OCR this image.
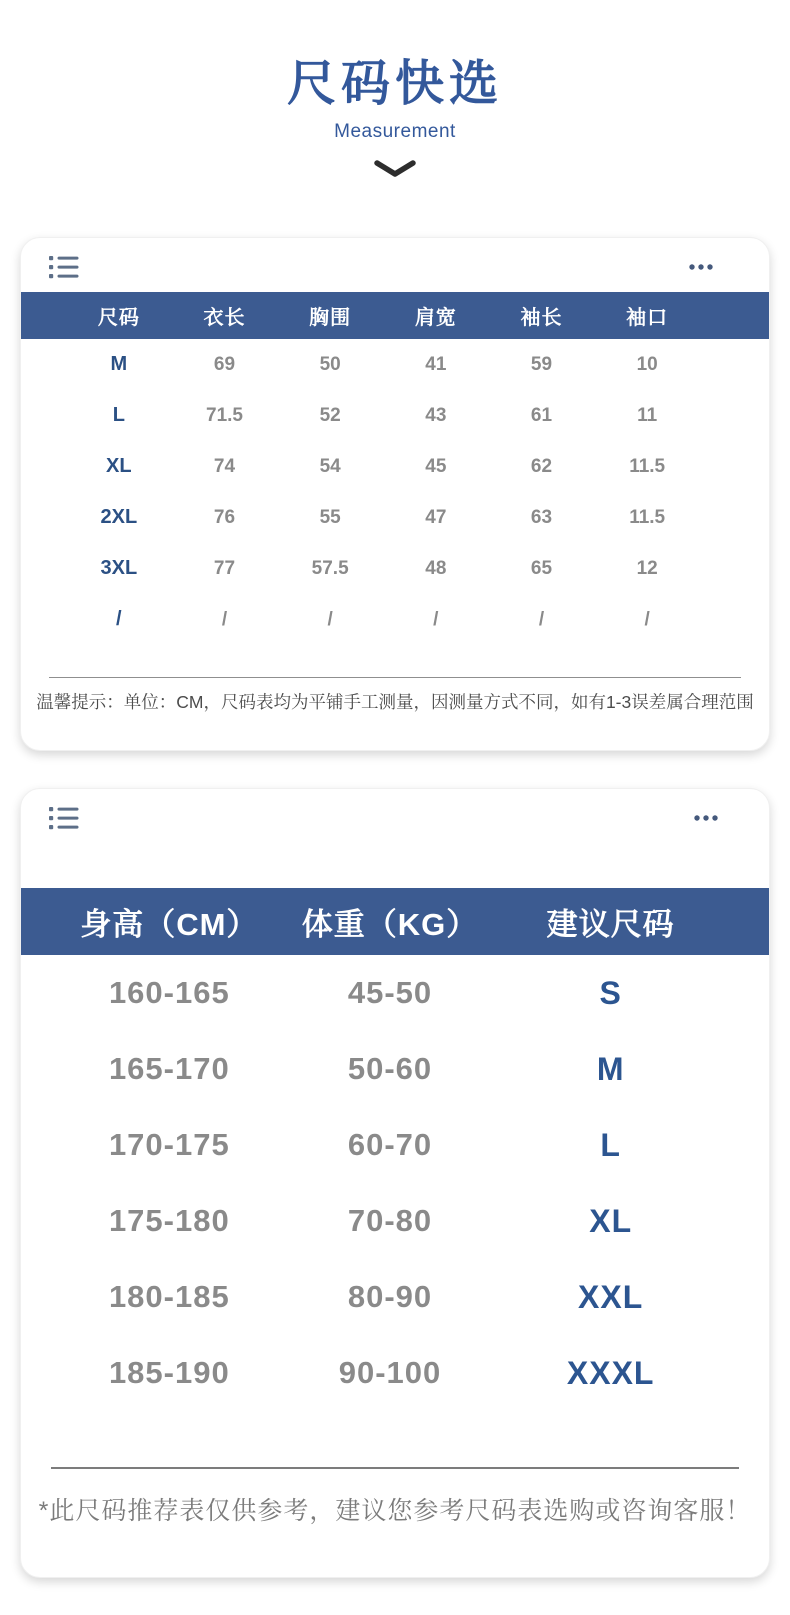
尺码快选
Measurement
尺码	衣长	胸围	肩宽	袖长	袖口
M	69	50	41	59	10
L	71.5	52	43	61	11
XL	74	54	45	62	11.5
2XL	76	55	47	63	11.5
3XL	77	57.5	48	65	12
/	/	/	/	/	/
温馨提示：单位：CM，尺码表均为平铺手工测量，因测量方式不同，如有1-3误差属合理范围
身高（CM）	体重（KG）	建议尺码
160-165	45-50	S
165-170	50-60	M
170-175	60-70	L
175-180	70-80	XL
180-185	80-90	XXL
185-190	90-100	XXXL
*此尺码推荐表仅供参考，建议您参考尺码表选购或咨询客服！
